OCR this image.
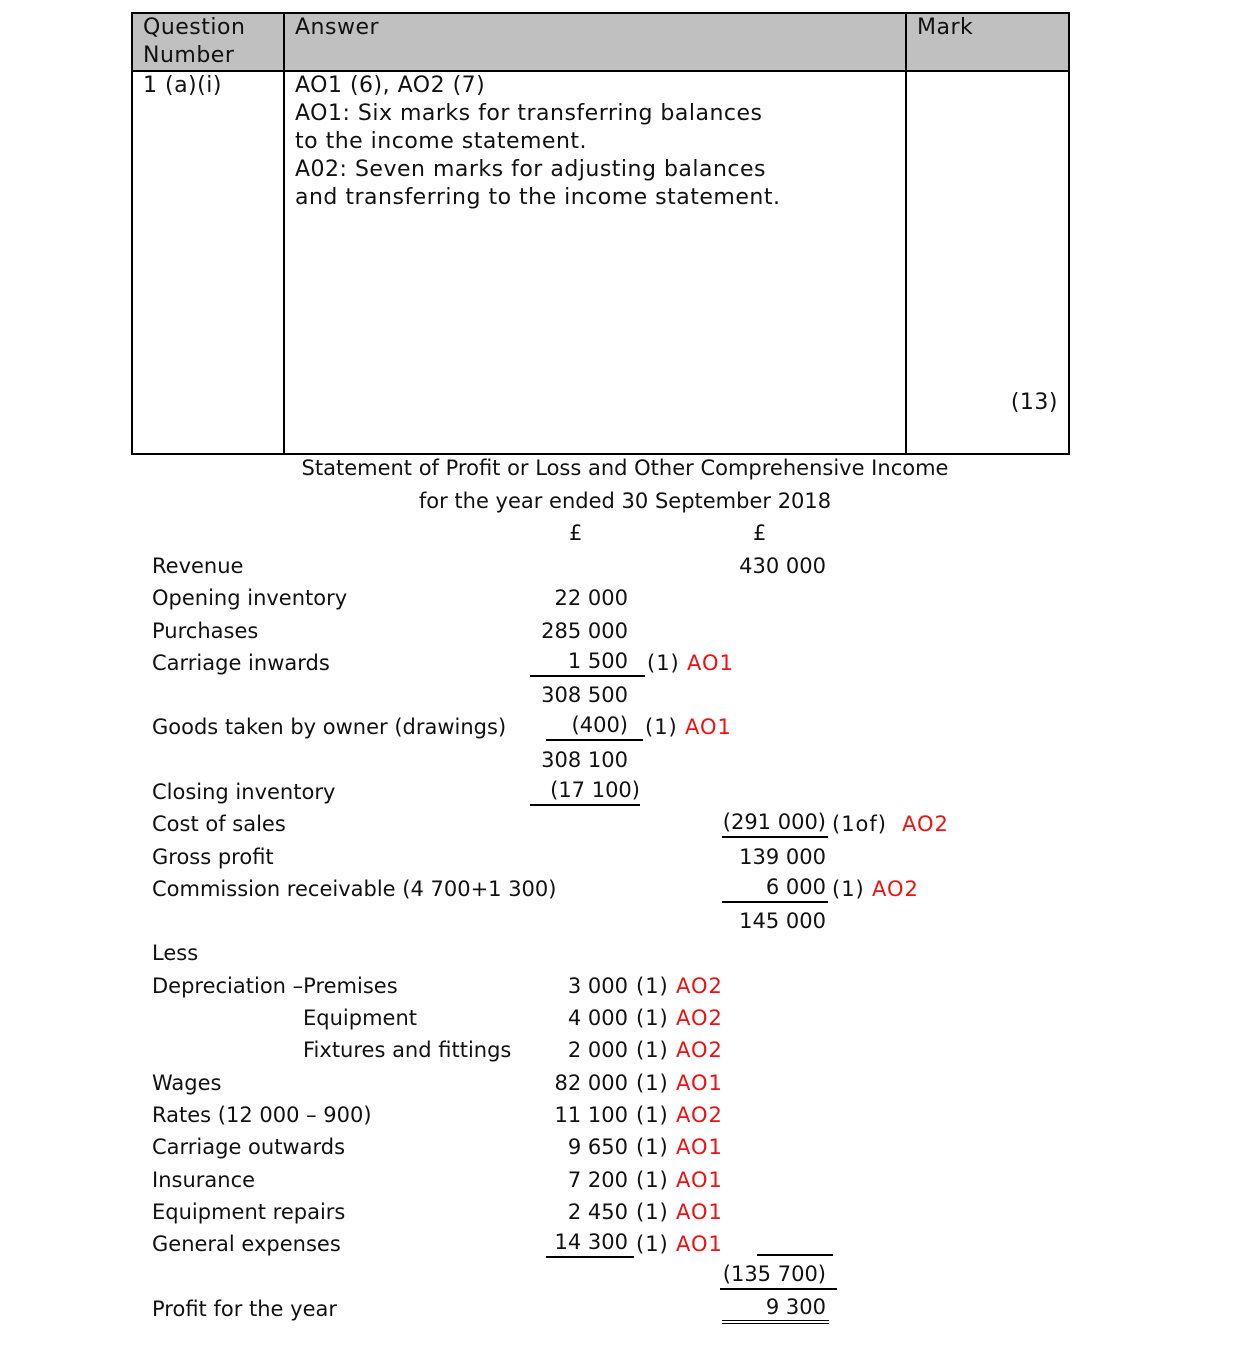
Question Number	Answer	Mark
1 (a)(i)	AO1 (6), AO2 (7)
AO1: Six marks for transferring balances
to the income statement.
A02: Seven marks for adjusting balances
and transferring to the income statement.	(13)
Statement of Profit or Loss and Other Comprehensive Income
for the year ended 30 September 2018
£	£
Revenue	430 000
Opening inventory	22 000
Purchases	285 000
Carriage inwards	1 500 (1) AO1
308 500
Goods taken by owner (drawings)	(400) (1) AO1
308 100
Closing inventory	(17 100)
Cost of sales	(291 000) (1of) AO2
Gross profit	139 000
Commission receivable (4 700+1 300)	6 000 (1) AO2
145 000
Less
Depreciation –Premises	3 000 (1) AO2
Equipment	4 000 (1) AO2
Fixtures and fittings	2 000 (1) AO2
Wages	82 000 (1) AO1
Rates (12 000 – 900)	11 100 (1) AO2
Carriage outwards	9 650 (1) AO1
Insurance	7 200 (1) AO1
Equipment repairs	2 450 (1) AO1
General expenses	14 300 (1) AO1
(135 700)
Profit for the year	9 300
